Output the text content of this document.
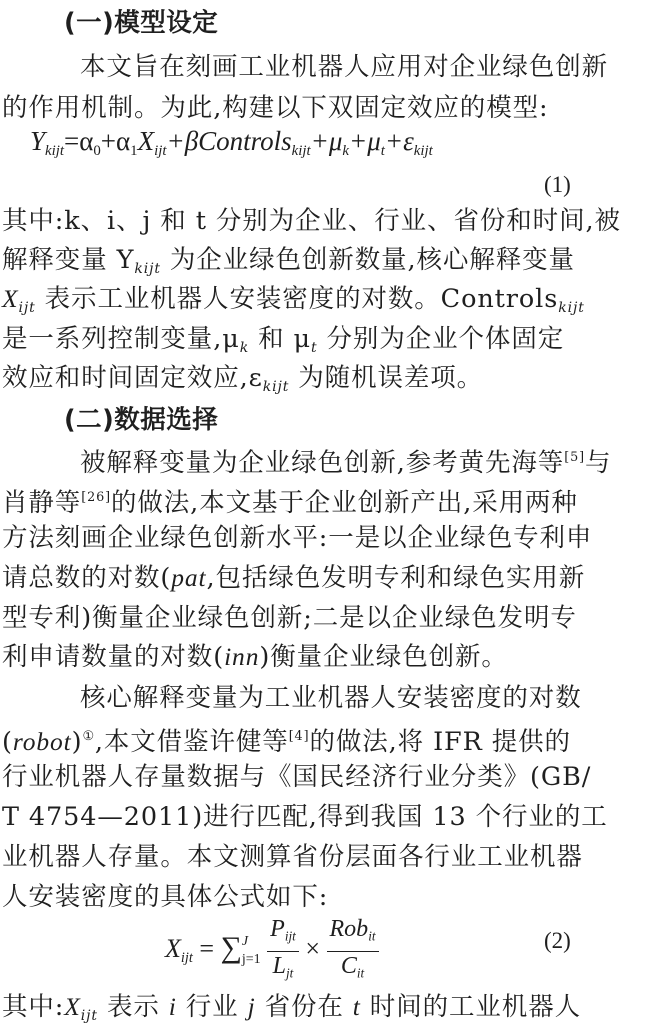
(一)模型设定
本文旨在刻画工业机器人应用对企业绿色创新
的作用机制。为此,构建以下双固定效应的模型:
$Y_{kijt}=\alpha_0+\alpha_1X_{ijt}+\beta Controls_{kijt}+\mu_k+\mu_t+\varepsilon_{kijt}$
(1)
其中:k、i、j 和 t 分别为企业、行业、省份和时间,被
解释变量 $Y_{kijt}$ 为企业绿色创新数量,核心解释变量
$X_{ijt}$ 表示工业机器人安装密度的对数。Controls$_{kijt}$
是一系列控制变量$,\mu_k$ 和 $\mu_t$ 分别为企业个体固定
效应和时间固定效应$,\varepsilon_{kijt}$ 为随机误差项。
(二)数据选择
被解释变量为企业绿色创新,参考黄先海等[5]与
肖静等[26]的做法,本文基于企业创新产出,采用两种
方法刻画企业绿色创新水平:一是以企业绿色专利申
请总数的对数(pat,包括绿色发明专利和绿色实用新
型专利)衡量企业绿色创新;二是以企业绿色发明专
利申请数量的对数(inn)衡量企业绿色创新。
核心解释变量为工业机器人安装密度的对数
(robot)①,本文借鉴许健等[4]的做法,将 IFR 提供的
行业机器人存量数据与《国民经济行业分类》(GB/
T 4754—2011)进行匹配,得到我国 13 个行业的工
业机器人存量。本文测算省份层面各行业工业机器
人安装密度的具体公式如下:
$X_{ijt}$ = ∑ J
j=1
$\frac{P_{ijt}}{L_{jt}} \times \frac{Rob_{it}}{C_{it}}$	(2)
其中$:X_{ijt}$ 表示 i 行业 j 省份在 t 时间的工业机器人
